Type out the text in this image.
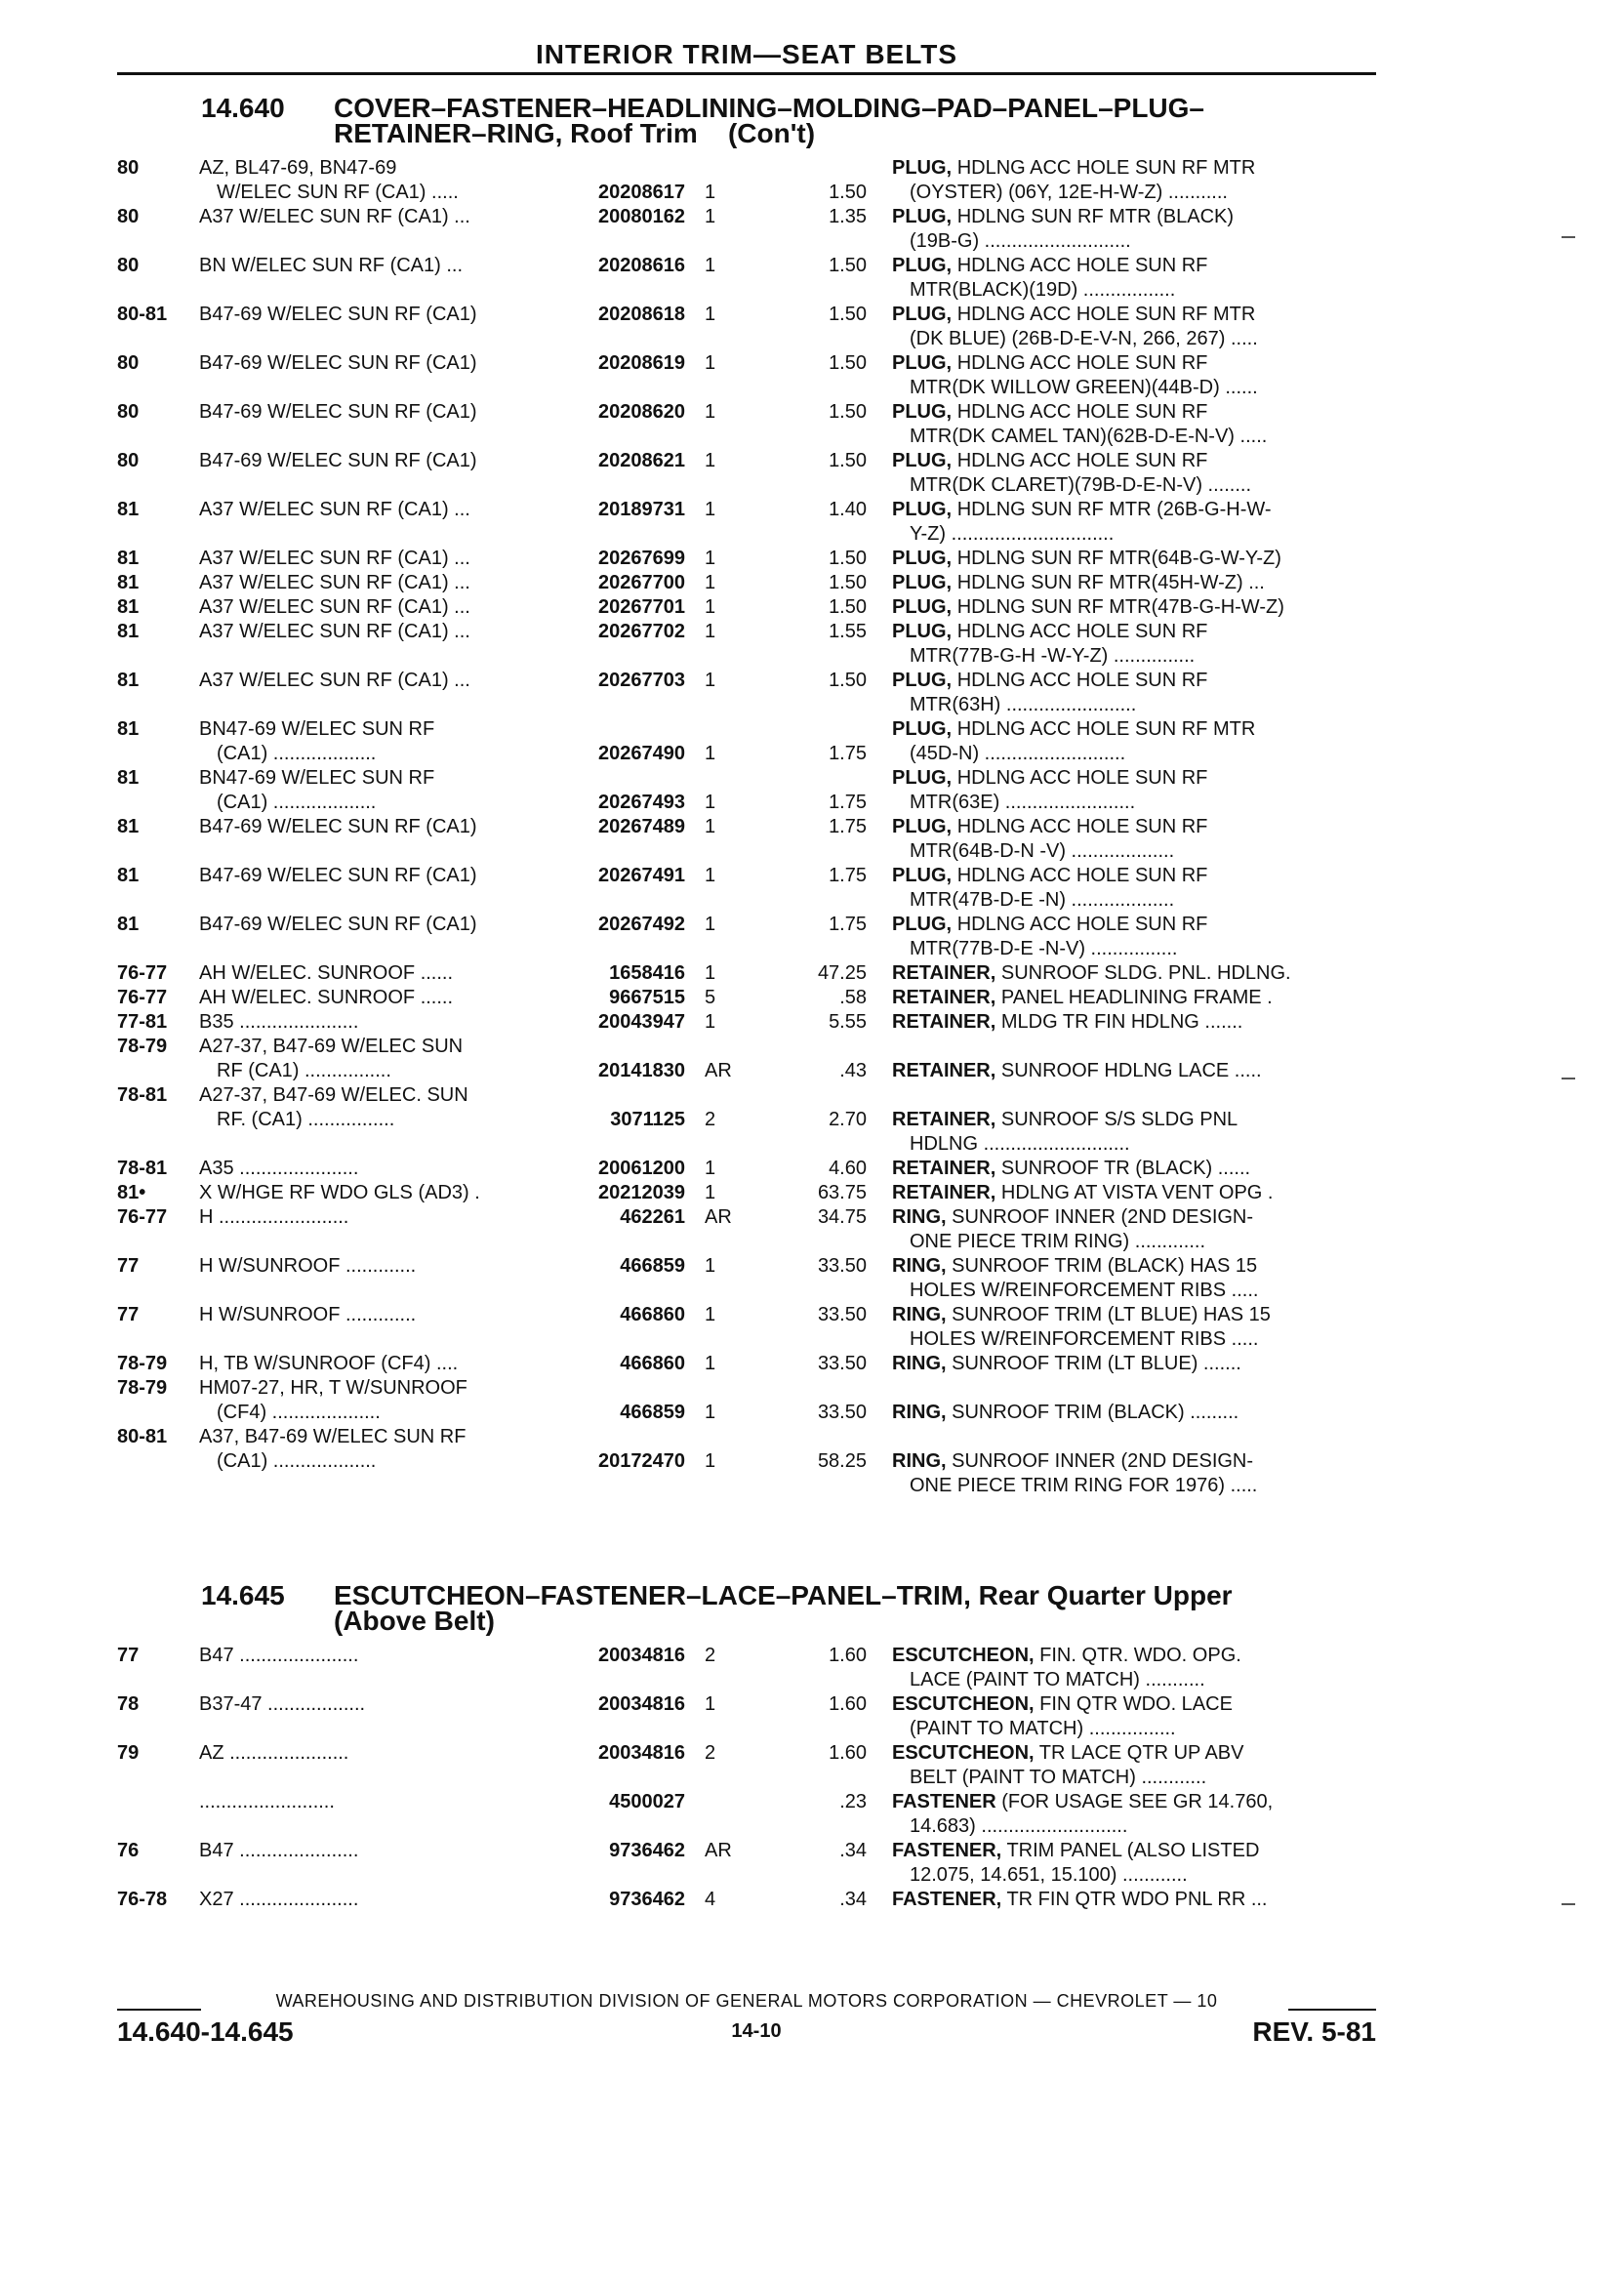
INTERIOR TRIM—SEAT BELTS
14.640 COVER–FASTENER–HEADLINING–MOLDING–PAD–PANEL–PLUG–
RETAINER–RING, Roof Trim (Con't)
80	AZ, BL47-69, BN47-69
W/ELEC SUN RF (CA1) .....	20208617 1	1.50
PLUG, HDLNG ACC HOLE SUN RF MTR
(OYSTER) (06Y, 12E-H-W-Z) ...........
80	A37 W/ELEC SUN RF (CA1) ...	20080162 1	1.35 PLUG, HDLNG SUN RF MTR (BLACK)
(19B-G) ...........................
80	BN W/ELEC SUN RF (CA1) ...	20208616 1	1.50 PLUG, HDLNG ACC HOLE SUN RF
MTR(BLACK)(19D) .................
80-81	B47-69 W/ELEC SUN RF (CA1)	20208618 1	1.50 PLUG, HDLNG ACC HOLE SUN RF MTR
(DK BLUE) (26B-D-E-V-N, 266, 267) .....
80	B47-69 W/ELEC SUN RF (CA1)	20208619 1	1.50 PLUG, HDLNG ACC HOLE SUN RF
MTR(DK WILLOW GREEN)(44B-D) ......
80	B47-69 W/ELEC SUN RF (CA1)	20208620 1	1.50 PLUG, HDLNG ACC HOLE SUN RF
MTR(DK CAMEL TAN)(62B-D-E-N-V) .....
80	B47-69 W/ELEC SUN RF (CA1)	20208621 1	1.50 PLUG, HDLNG ACC HOLE SUN RF
MTR(DK CLARET)(79B-D-E-N-V) ........
81	A37 W/ELEC SUN RF (CA1) ...	20189731 1	1.40 PLUG, HDLNG SUN RF MTR (26B-G-H-W-
Y-Z) ..............................
81	A37 W/ELEC SUN RF (CA1) ...	20267699 1	1.50 PLUG, HDLNG SUN RF MTR(64B-G-W-Y-Z)
81	A37 W/ELEC SUN RF (CA1) ...	20267700 1	1.50 PLUG, HDLNG SUN RF MTR(45H-W-Z) ...
81	A37 W/ELEC SUN RF (CA1) ...	20267701 1	1.50 PLUG, HDLNG SUN RF MTR(47B-G-H-W-Z)
81	A37 W/ELEC SUN RF (CA1) ...	20267702 1	1.55 PLUG, HDLNG ACC HOLE SUN RF
MTR(77B-G-H -W-Y-Z) ...............
81	A37 W/ELEC SUN RF (CA1) ...	20267703 1	1.50 PLUG, HDLNG ACC HOLE SUN RF
MTR(63H) ........................
81	BN47-69 W/ELEC SUN RF
(CA1) ...................	20267490 1	1.75
PLUG, HDLNG ACC HOLE SUN RF MTR
(45D-N) ..........................
81	BN47-69 W/ELEC SUN RF
(CA1) ...................	20267493 1	1.75
PLUG, HDLNG ACC HOLE SUN RF
MTR(63E) ........................
81	B47-69 W/ELEC SUN RF (CA1)	20267489 1	1.75 PLUG, HDLNG ACC HOLE SUN RF
MTR(64B-D-N -V) ...................
81	B47-69 W/ELEC SUN RF (CA1)	20267491 1	1.75 PLUG, HDLNG ACC HOLE SUN RF
MTR(47B-D-E -N) ...................
81	B47-69 W/ELEC SUN RF (CA1)	20267492 1	1.75 PLUG, HDLNG ACC HOLE SUN RF
MTR(77B-D-E -N-V) ................
76-77	AH W/ELEC. SUNROOF ......	1658416 1	47.25 RETAINER, SUNROOF SLDG. PNL. HDLNG.
76-77	AH W/ELEC. SUNROOF ......	9667515 5	.58 RETAINER, PANEL HEADLINING FRAME .
77-81	B35 ......................	20043947 1	5.55 RETAINER, MLDG TR FIN HDLNG .......
78-79	A27-37, B47-69 W/ELEC SUN
RF (CA1) ................	20141830 AR	.43 RETAINER, SUNROOF HDLNG LACE .....
78-81	A27-37, B47-69 W/ELEC. SUN
RF. (CA1) ................	3071125 2	2.70 RETAINER, SUNROOF S/S SLDG PNL
HDLNG ...........................
78-81	A35 ......................	20061200 1	4.60 RETAINER, SUNROOF TR (BLACK) ......
81•	X W/HGE RF WDO GLS (AD3) .	20212039 1	63.75 RETAINER, HDLNG AT VISTA VENT OPG .
76-77	H ........................	462261 AR	34.75 RING, SUNROOF INNER (2ND DESIGN-
ONE PIECE TRIM RING) .............
77	H W/SUNROOF .............	466859 1	33.50 RING, SUNROOF TRIM (BLACK) HAS 15
HOLES W/REINFORCEMENT RIBS .....
77	H W/SUNROOF .............	466860 1	33.50 RING, SUNROOF TRIM (LT BLUE) HAS 15
HOLES W/REINFORCEMENT RIBS .....
78-79	H, TB W/SUNROOF (CF4) ....	466860 1	33.50 RING, SUNROOF TRIM (LT BLUE) .......
78-79	HM07-27, HR, T W/SUNROOF
(CF4) ....................	466859 1	33.50 RING, SUNROOF TRIM (BLACK) .........
80-81	A37, B47-69 W/ELEC SUN RF
(CA1) ...................	20172470 1	58.25 RING, SUNROOF INNER (2ND DESIGN-
ONE PIECE TRIM RING FOR 1976) .....
14.645 ESCUTCHEON–FASTENER–LACE–PANEL–TRIM, Rear Quarter Upper
(Above Belt)
77	B47 ......................	20034816 2	1.60 ESCUTCHEON, FIN. QTR. WDO. OPG.
LACE (PAINT TO MATCH) ...........
78	B37-47 ..................	20034816 1	1.60 ESCUTCHEON, FIN QTR WDO. LACE
(PAINT TO MATCH) ................
79	AZ ......................	20034816 2	1.60 ESCUTCHEON, TR LACE QTR UP ABV
BELT (PAINT TO MATCH) ............
.........................	4500027	.23 FASTENER (FOR USAGE SEE GR 14.760,
14.683) ...........................
76	B47 ......................	9736462 AR	.34 FASTENER, TRIM PANEL (ALSO LISTED
12.075, 14.651, 15.100) ............
76-78	X27 ......................	9736462 4	.34 FASTENER, TR FIN QTR WDO PNL RR ...
WAREHOUSING AND DISTRIBUTION DIVISION OF GENERAL MOTORS CORPORATION — CHEVROLET — 10
14.640-14.645	14-10	REV. 5-81
